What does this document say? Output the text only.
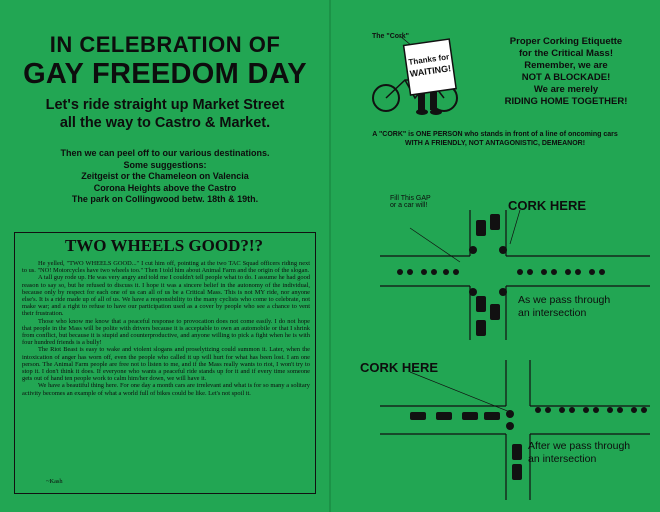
IN CELEBRATION OF
GAY FREEDOM DAY
Let's ride straight up Market Street
all the way to Castro & Market.
Then we can peel off to our various destinations.
Some suggestions:
Zeitgeist or the Chameleon on Valencia
Corona Heights above the Castro
The park on Collingwood betw. 18th & 19th.
TWO WHEELS GOOD?!?

He yelled, "TWO WHEELS GOOD..." I cut him off, pointing at the two TAC Squad officers riding next to us. "NO! Motorcycles have two wheels too." Then I told him about Animal Farm and the origin of the slogan.

A tall guy rode up. He was very angry and told me I couldn't tell people what to do. I assume he had good reason to say so, but he refused to discuss it. I hope it was a sincere belief in the autonomy of the individual, because only by respect for each one of us can all of us be a Critical Mass. This is not MY ride, nor anyone else's. It is a ride made up of all of us. We have a responsibility to the many cyclists who come to celebrate, not make war; and a right to refuse to have our participation used as a cover by people who see a chance to vent their frustration.

Those who know me know that a peaceful response to provocation does not come easily. I do not hope that people in the Mass will be polite with drivers because it is acceptable to own an automobile or that I shrink from conflict, but because it is stupid and counterproductive, and anyone willing to pick a fight when he is with four hundred friends is a bully!

The Riot Beast is easy to wake and violent slogans and proselytizing could summon it. Later, when the intoxication of anger has worn off, even the people who called it up will hurt for what has been lost. I am one person. The Animal Farm people are free not to listen to me, and if the Mass really wants to riot, I won't try to stop it. I don't think it does. If everyone who wants a peaceful ride stands up for it and if every time someone gets out of hand ten people work to calm him/her down, we will have it.

We have a beautiful thing here. For one day a month cars are irrelevant and what is for so many a solitary activity becomes an example of what a world full of bikes could be like. Let's not spoil it.

~Kash
The "Cork"
Thanks for
WAITING!
Proper Corking Etiquette
for the Critical Mass!
Remember, we are
NOT A BLOCKADE!
We are merely
RIDING HOME TOGETHER!
A "CORK" is ONE PERSON who stands in front of a line of oncoming cars
WITH A FRIENDLY, NOT ANTAGONISTIC, DEMEANOR!
Fill This GAP
or a car will!	CORK HERE
As we pass through
an intersection
CORK HERE
After we pass through
an intersection
